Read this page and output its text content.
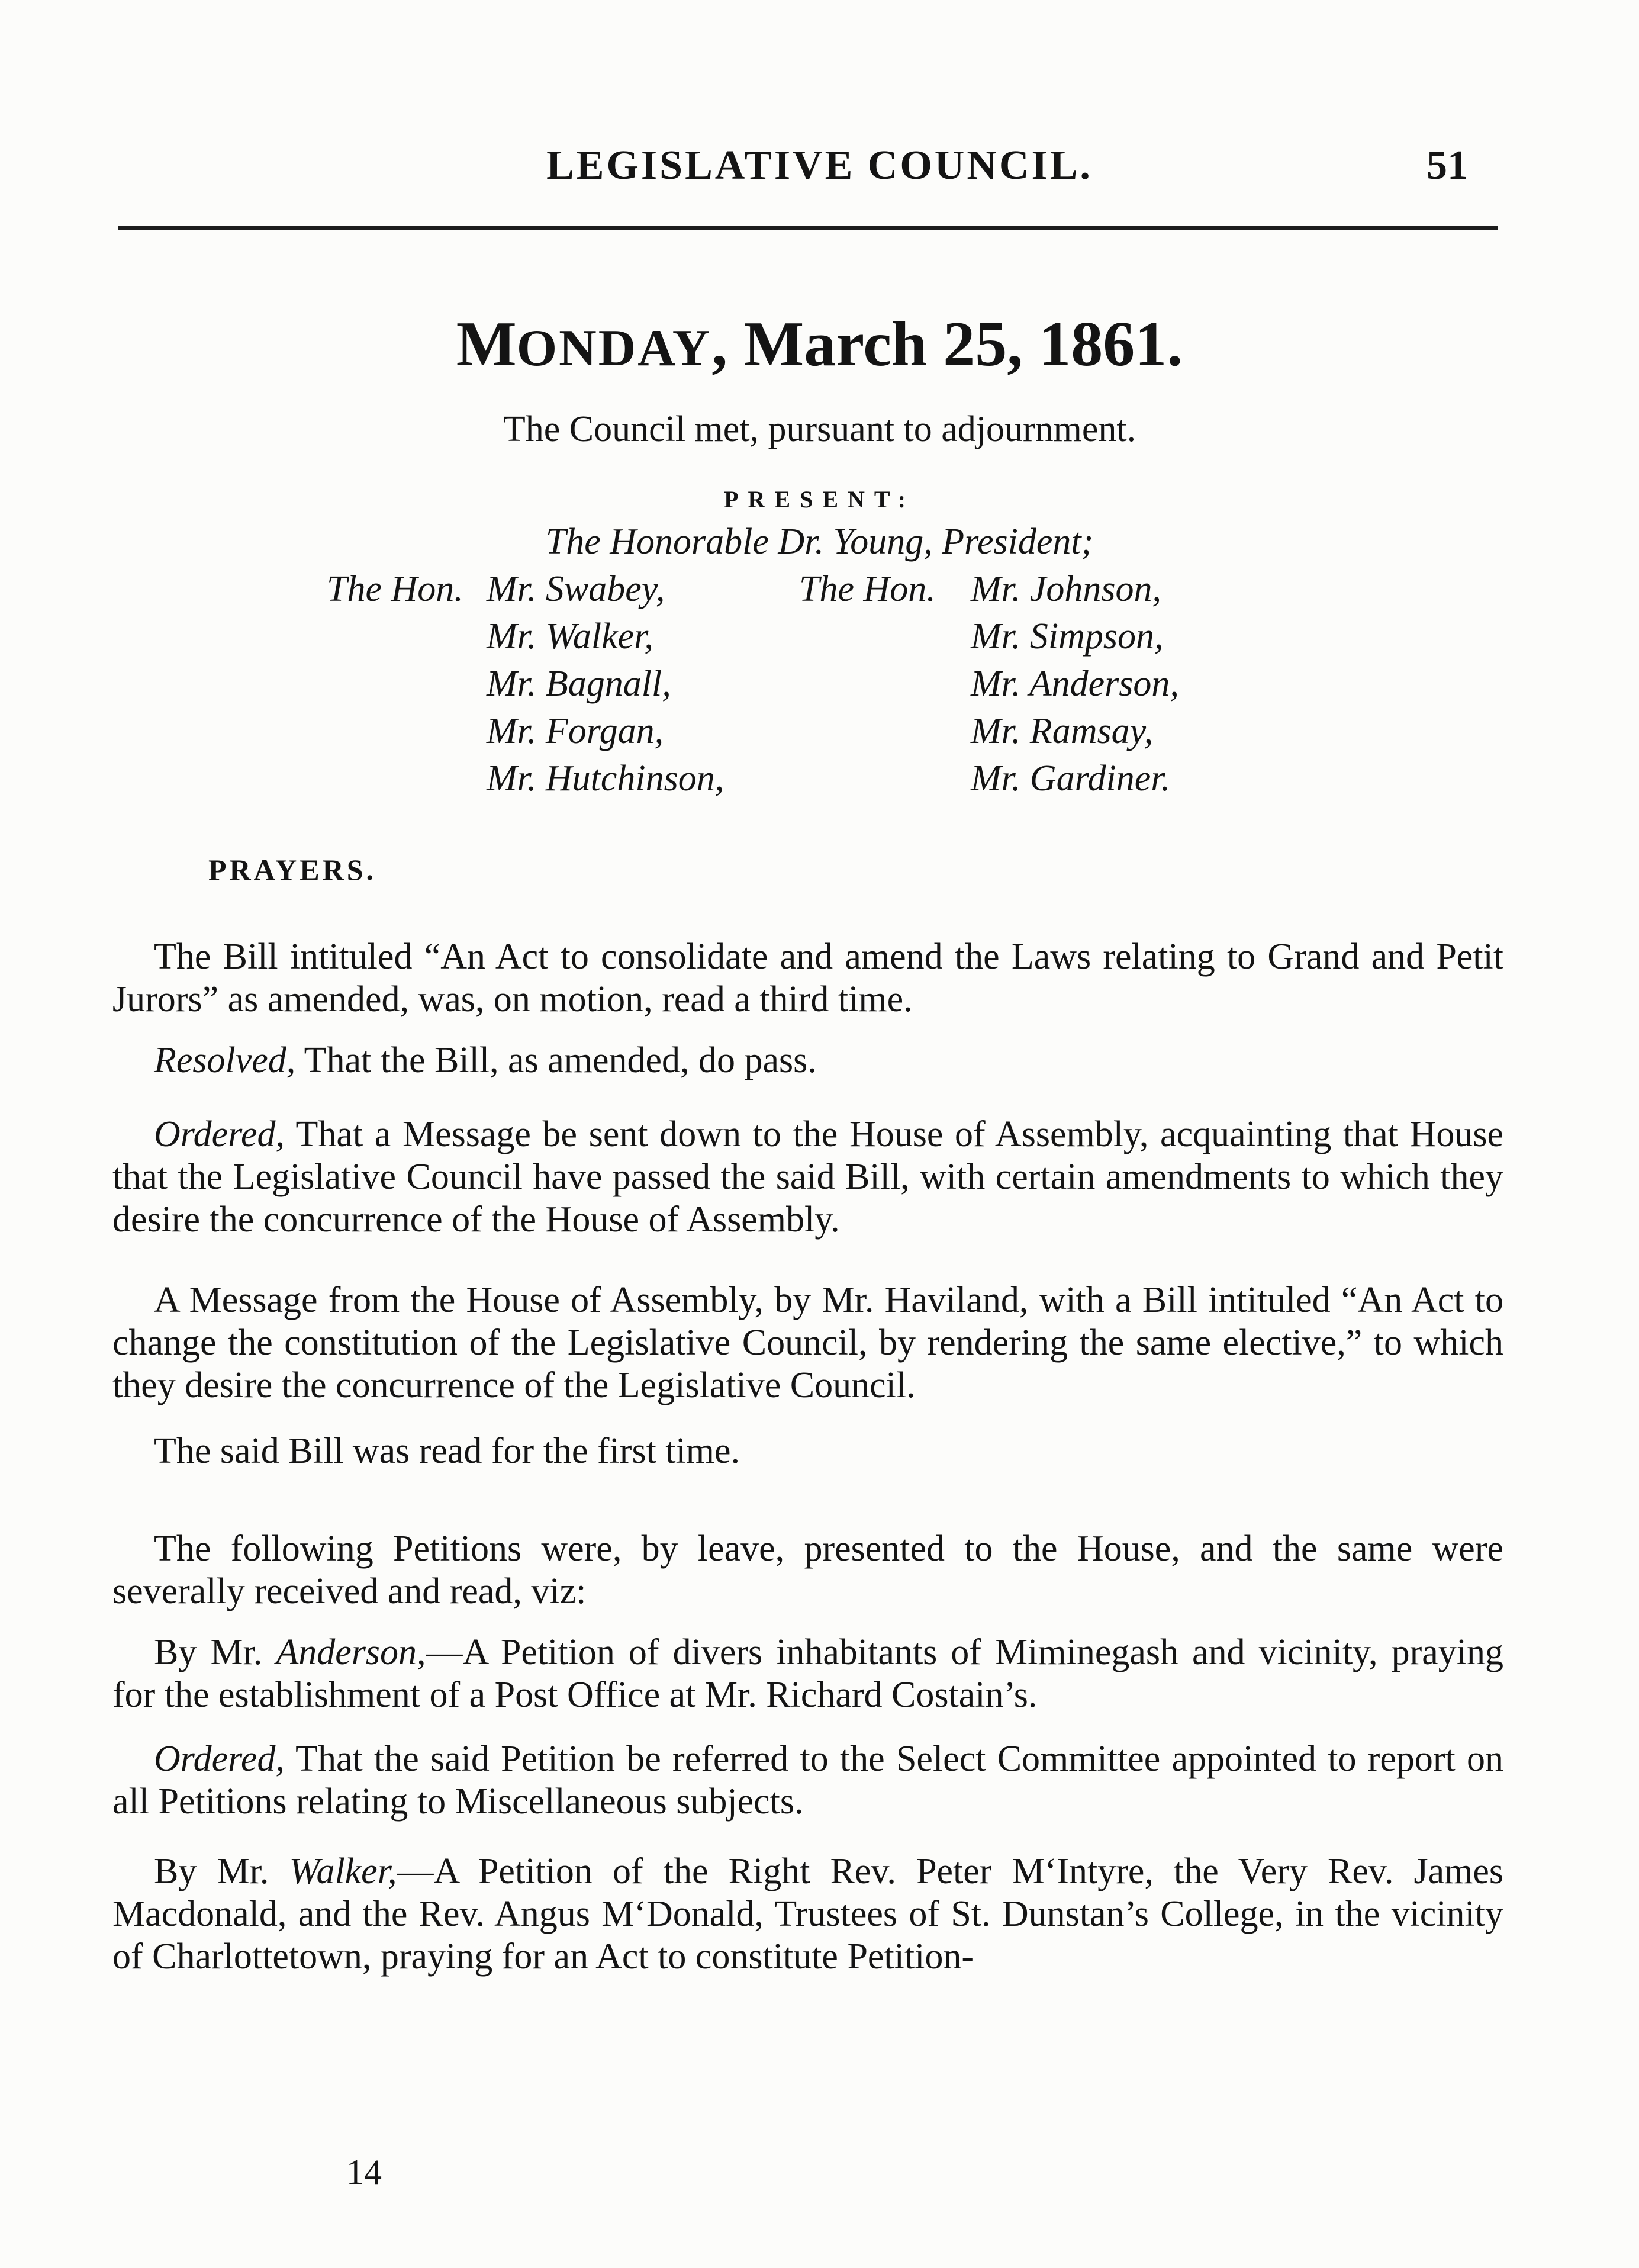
LEGISLATIVE COUNCIL.	51
MONDAY, March 25, 1861.
The Council met, pursuant to adjournment.
PRESENT:
The Honorable Dr. Young, President;
The Hon.	The Hon.
Mr. Swabey,
Mr. Walker,
Mr. Bagnall,
Mr. Forgan,
Mr. Hutchinson,
Mr. Johnson,
Mr. Simpson,
Mr. Anderson,
Mr. Ramsay,
Mr. Gardiner.
PRAYERS.

The Bill intituled “An Act to consolidate and amend the Laws relating to Grand and Petit Jurors” as amended, was, on motion, read a third time.

Resolved, That the Bill, as amended, do pass.

Ordered, That a Message be sent down to the House of Assembly, acquainting that House that the Legislative Council have passed the said Bill, with certain amendments to which they desire the concurrence of the House of Assembly.

A Message from the House of Assembly, by Mr. Haviland, with a Bill intituled “An Act to change the constitution of the Legislative Council, by rendering the same elective,” to which they desire the concurrence of the Legislative Council.

The said Bill was read for the first time.

The following Petitions were, by leave, presented to the House, and the same were severally received and read, viz:

By Mr. Anderson,—A Petition of divers inhabitants of Miminegash and vicinity, praying for the establishment of a Post Office at Mr. Richard Costain’s.

Ordered, That the said Petition be referred to the Select Committee appointed to report on all Petitions relating to Miscellaneous subjects.

By Mr. Walker,—A Petition of the Right Rev. Peter M‘Intyre, the Very Rev. James Macdonald, and the Rev. Angus M‘Donald, Trustees of St. Dunstan’s College, in the vicinity of Charlottetown, praying for an Act to constitute Petition-

14
